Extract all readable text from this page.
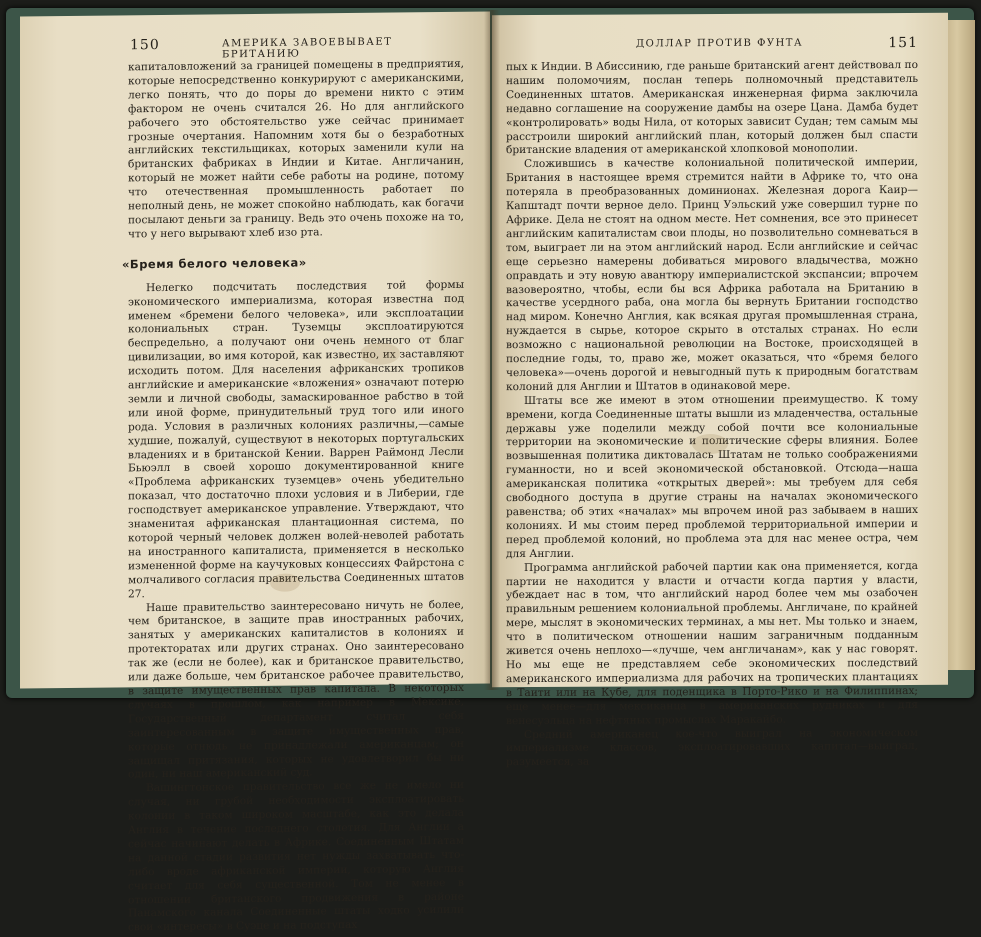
150	АМЕРИКА ЗАВОЕВЫВАЕТ БРИТАНИЮ

капиталовложений за границей помещены в предприятия, которые непосредственно конкурируют с американскими, легко понять, что до поры до времени никто с этим фактором не очень считался 26. Но для английского рабочего это обстоятельство уже сейчас принимает грозные очертания. Напомним хотя бы о безработных английских текстильщиках, которых заменили кули на британских фабриках в Индии и Китае. Англичанин, который не может найти себе работы на родине, потому что отечественная промышленность работает по неполный день, не может спокойно наблюдать, как богачи посылают деньги за границу. Ведь это очень похоже на то, что у него вырывают хлеб изо рта.

«Бремя белого человека»

Нелегко подсчитать последствия той формы экономического империализма, которая известна под именем «бремени белого человека», или эксплоатации колониальных стран. Туземцы эксплоатируются беспредельно, а получают они очень немного от благ цивилизации, во имя которой, как известно, их заставляют исходить потом. Для населения африканских тропиков английские и американские «вложения» означают потерю земли и личной свободы, замаскированное рабство в той или иной форме, принудительный труд того или иного рода. Условия в различных колониях различны,—самые худшие, пожалуй, существуют в некоторых португальских владениях и в британской Кении. Варрен Раймонд Лесли Бьюэлл в своей хорошо документированной книге «Проблема африканских туземцев» очень убедительно показал, что достаточно плохи условия и в Либерии, где господствует американское управление. Утверждают, что знаменитая африканская плантационная система, по которой черный человек должен волей-неволей работать на иностранного капиталиста, применяется в несколько измененной форме на каучуковых концессиях Файрстона с молчаливого согласия правительства Соединенных штатов 27.

Наше правительство заинтересовано ничуть не более, чем британское, в защите прав иностранных рабочих, занятых у американских капиталистов в колониях и протекторатах или других странах. Оно заинтересовано так же (если не более), как и британское правительство, или даже больше, чем британское рабочее правительство, в защите имущественных прав капитала. В некоторых случаях в прошлом, как например в Мексике, Государственный департамент считал себя заинтересованным в защите имущественных прав, которые отнюдь не принадлежали американцам; он защищал притязания, которых не удовлетворил бы ни один, ни наш американский суд.

Вашингтонское правительство все же не имело ни случая, ни грубой необходимости эксплоатировать колонии в таком широком масштабе, как это делала Англия в течение последнего столетия. Для Англии а сейчас начинают делать в Африке. Соединенным Штатам на данной стадии развития нет нужды захватывать что-либо вроде африканской империи, которую Англия считает для себя существенной. Том не менее в отношении британского продвижения в районе Панамского канала Соединенные штаты ходко усилили свои «интересы» в Суэце и на подступах

ДОЛЛАР ПРОТИВ ФУНТА	151

пых к Индии. В Абиссинию, где раньше британский агент действовал по нашим поломочиям, послан теперь полномочный представитель Соединенных штатов. Американская инженерная фирма заключила недавно соглашение на сооружение дамбы на озере Цана. Дамба будет «контролировать» воды Нила, от которых зависит Судан; тем самым мы расстроили широкий английский план, который должен был спасти британские владения от американской хлопковой монополии.

Сложившись в качестве колониальной политической империи, Британия в настоящее время стремится найти в Африке то, что она потеряла в преобразованных доминионах. Железная дорога Каир—Капштадт почти верное дело. Принц Уэльский уже совершил турне по Африке. Дела не стоят на одном месте. Нет сомнения, все это принесет английским капиталистам свои плоды, но позволительно сомневаться в том, выиграет ли на этом английский народ. Если английские и сейчас еще серьезно намерены добиваться мирового владычества, можно оправдать и эту новую авантюру империалистской экспансии; впрочем вазовероятно, чтобы, если бы вся Африка работала на Британию в качестве усердного раба, она могла бы вернуть Британии господство над миром. Конечно Англия, как всякая другая промышленная страна, нуждается в сырье, которое скрыто в отсталых странах. Но если возможно с национальной революции на Востоке, происходящей в последние годы, то, право же, может оказаться, что «бремя белого человека»—очень дорогой и невыгодный путь к природным богатствам колоний для Англии и Штатов в одинаковой мере.

Штаты все же имеют в этом отношении преимущество. К тому времени, когда Соединенные штаты вышли из младенчества, остальные державы уже поделили между собой почти все колониальные территории на экономические и политические сферы влияния. Более возвышенная политика диктовалась Штатам не только соображениями гуманности, но и всей экономической обстановкой. Отсюда—наша американская политика «открытых дверей»: мы требуем для себя свободного доступа в другие страны на началах экономического равенства; об этих «началах» мы впрочем иной раз забываем в наших колониях. И мы стоим перед проблемой территориальной империи и перед проблемой колоний, но проблема эта для нас менее остра, чем для Англии.

Программа английской рабочей партии как она применяется, когда партии не находится у власти и отчасти когда партия у власти, убеждает нас в том, что английский народ более чем мы озабочен правильным решением колониальной проблемы. Англичане, по крайней мере, мыслят в экономических терминах, а мы нет. Мы только и знаем, что в политическом отношении нашим заграничным подданным живется очень неплохо—«лучше, чем англичанам», как у нас говорят. Но мы еще не представляем себе экономических последствий американского империализма для рабочих на тропических плантациях в Таити или на Кубе, для поденщика в Порто-Рико и на Филиппинах; еще менее—для мексиканца в американских рудниках и для венесуэльца на нефтяных промыслах Маракайбо.

Средний американец кое-что выиграл на экономическом империализме классов, эксплоатировавших капитал—выиграл, разумеется, за
